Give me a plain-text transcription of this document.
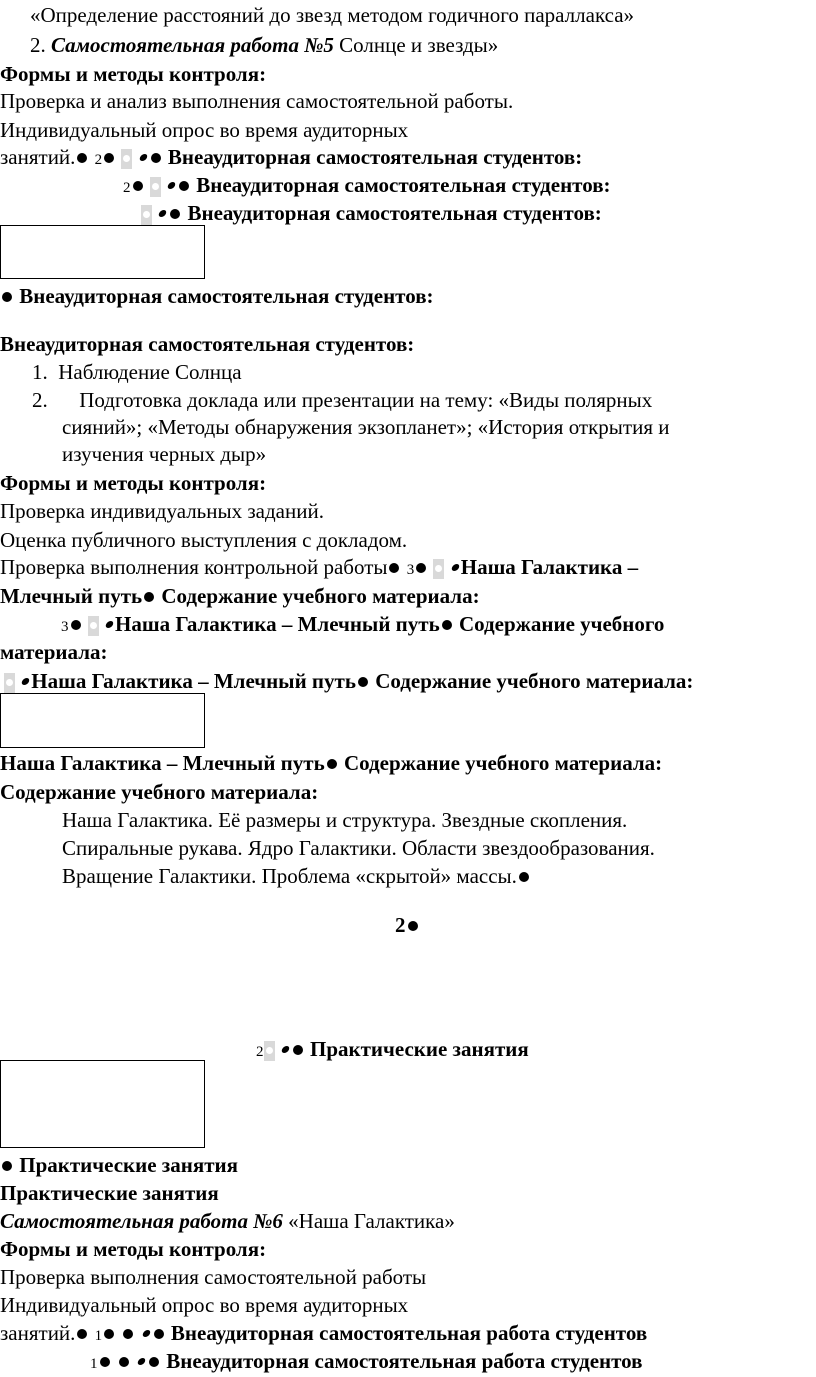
«Определение расстояний до звезд методом годичного параллакса»
2. Самостоятельная работа №5 Солнце и звезды»
Формы и методы контроля:
Проверка и анализ выполнения самостоятельной работы.
Индивидуальный опрос во время аудиторных
занятий. 2	Внеаудиторная самостоятельная студентов:
2	Внеаудиторная самостоятельная студентов:
Внеаудиторная самостоятельная студентов:
Внеаудиторная самостоятельная студентов:
Внеаудиторная самостоятельная студентов:
1. Наблюдение Солнца
2. Подготовка доклада или презентации на тему: «Виды полярных
сияний»; «Методы обнаружения экзопланет»; «История открытия и
изучения черных дыр»
Формы и методы контроля:
Проверка индивидуальных заданий.
Оценка публичного выступления с докладом.
Проверка выполнения контрольной работы 3 Наша Галактика –
Млечный путь Содержание учебного материала:
3 Наша Галактика – Млечный путь Содержание учебного
материала:
Наша Галактика – Млечный путь Содержание учебного материала:
Наша Галактика – Млечный путь Содержание учебного материала:
Содержание учебного материала:
Наша Галактика. Её размеры и структура. Звездные скопления.
Спиральные рукава. Ядро Галактики. Области звездообразования.
Вращение Галактики. Проблема «скрытой» массы.
2
2 Практические занятия
Практические занятия
Практические занятия
Самостоятельная работа №6 «Наша Галактика»
Формы и методы контроля:
Проверка выполнения самостоятельной работы
Индивидуальный опрос во время аудиторных
занятий. 1	Внеаудиторная самостоятельная работа студентов
1	Внеаудиторная самостоятельная работа студентов
